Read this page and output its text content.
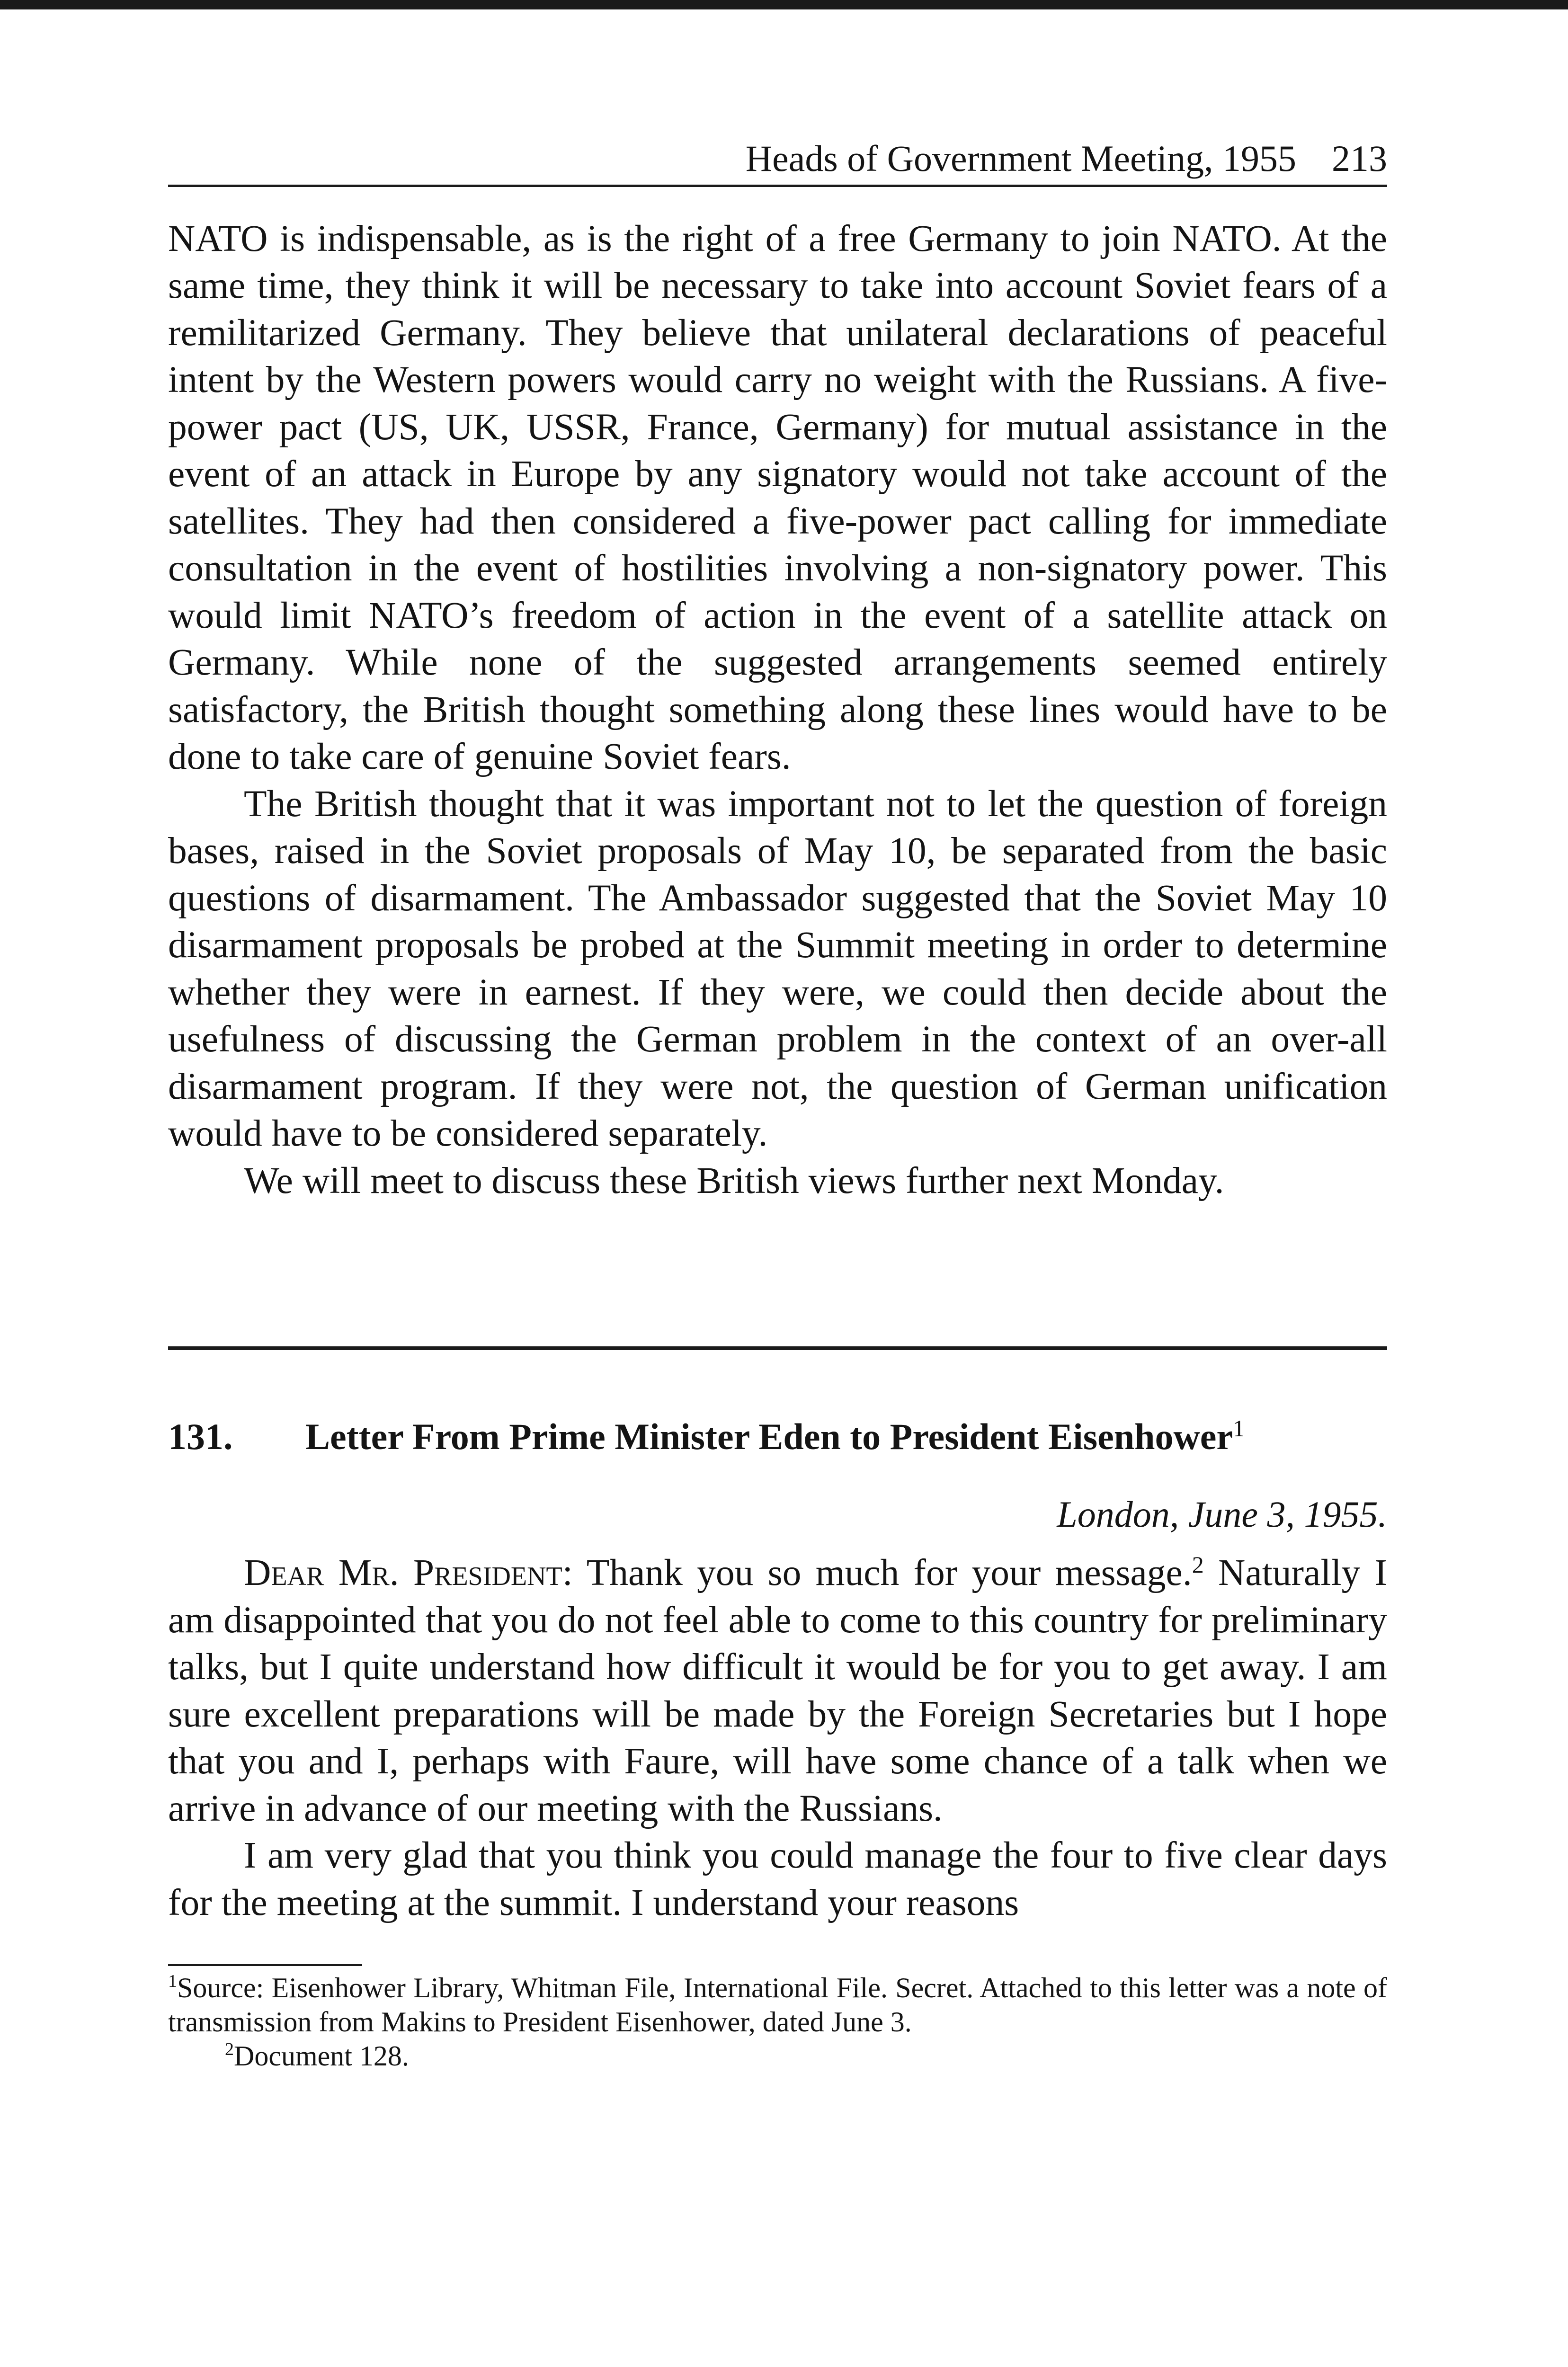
Heads of Government Meeting, 1955 213

NATO is indispensable, as is the right of a free Germany to join NATO. At the same time, they think it will be necessary to take into account Soviet fears of a remilitarized Germany. They believe that unilateral declarations of peaceful intent by the Western powers would carry no weight with the Russians. A five-power pact (US, UK, USSR, France, Germany) for mutual assistance in the event of an attack in Europe by any signatory would not take account of the satellites. They had then considered a five-power pact calling for immediate consultation in the event of hostilities involving a non-signatory power. This would limit NATO’s freedom of action in the event of a satellite attack on Germany. While none of the suggested arrangements seemed entirely satisfactory, the British thought something along these lines would have to be done to take care of genuine Soviet fears.

The British thought that it was important not to let the question of foreign bases, raised in the Soviet proposals of May 10, be separated from the basic questions of disarmament. The Ambassador suggested that the Soviet May 10 disarmament proposals be probed at the Summit meeting in order to determine whether they were in earnest. If they were, we could then decide about the usefulness of discussing the German problem in the context of an over-all disarmament program. If they were not, the question of German unification would have to be considered separately.

We will meet to discuss these British views further next Monday.

131.	Letter From Prime Minister Eden to President Eisenhower$^1$
London, June 3, 1955.

Dear Mr. President: Thank you so much for your message.$^2$ Naturally I am disappointed that you do not feel able to come to this country for preliminary talks, but I quite understand how difficult it would be for you to get away. I am sure excellent preparations will be made by the Foreign Secretaries but I hope that you and I, perhaps with Faure, will have some chance of a talk when we arrive in advance of our meeting with the Russians.

I am very glad that you think you could manage the four to five clear days for the meeting at the summit. I understand your reasons

$^1$Source: Eisenhower Library, Whitman File, International File. Secret. Attached to this letter was a note of transmission from Makins to President Eisenhower, dated June 3.

$^2$Document 128.
